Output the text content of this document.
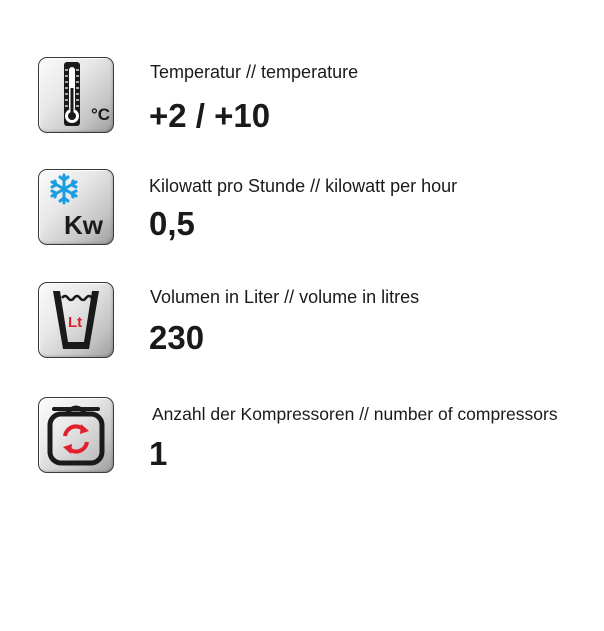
°C
Temperatur // temperature
+2 / +10
Kw
Kilowatt pro Stunde // kilowatt per hour
0,5
Lt
Volumen in Liter // volume in litres
230
Anzahl der Kompressoren // number of compressors
1
